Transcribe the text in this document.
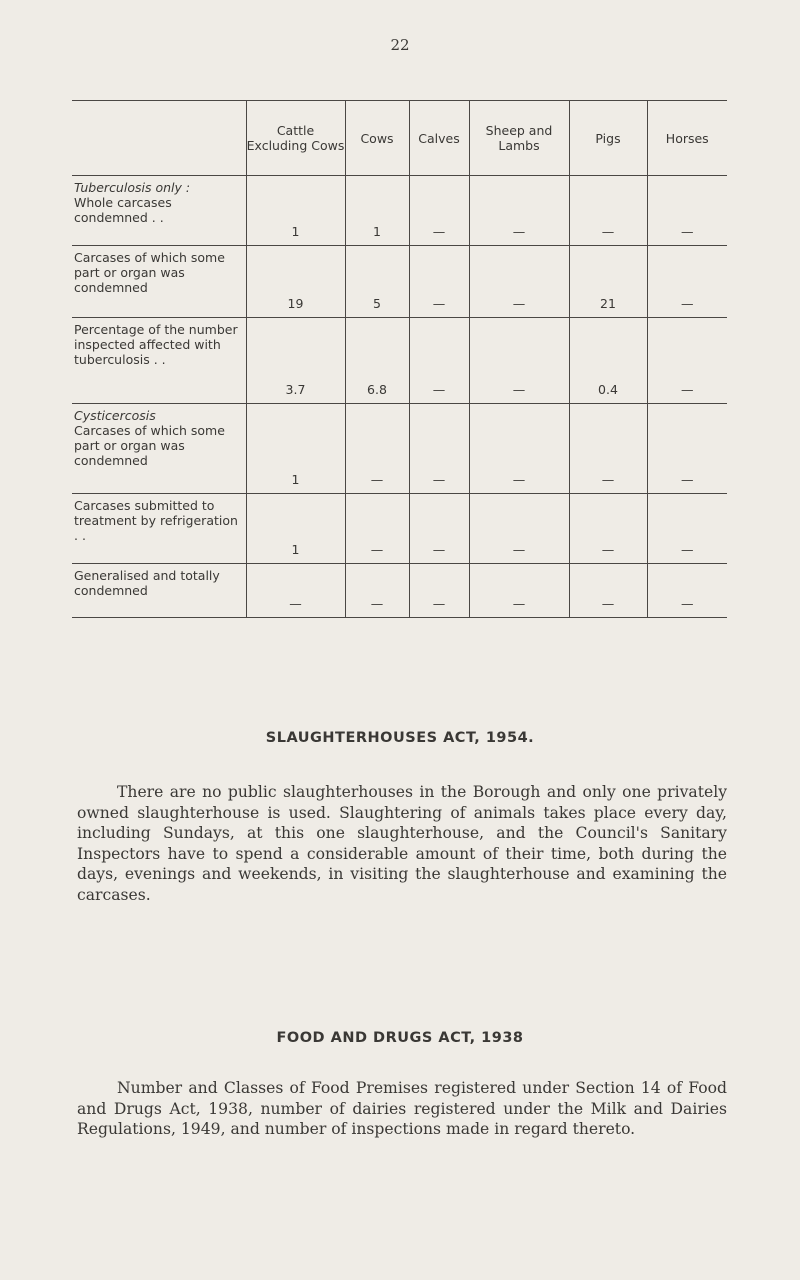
22
	Cattle Excluding Cows	Cows	Calves	Sheep and Lambs	Pigs	Horses
Tuberculosis only :
Whole carcases condemned . .	1	1	—	—	—	—
Carcases of which some part or organ was condemned	19	5	—	—	21	—
Percentage of the number inspected affected with tuberculosis . .	3.7	6.8	—	—	0.4	—
Cysticercosis
Carcases of which some part or organ was condemned	1	—	—	—	—	—
Carcases submitted to treatment by refrigeration . .	1	—	—	—	—	—
Generalised and totally condemned	—	—	—	—	—	—
SLAUGHTERHOUSES ACT, 1954.

There are no public slaughterhouses in the Borough and only one privately owned slaughterhouse is used. Slaughtering of animals takes place every day, including Sundays, at this one slaughterhouse, and the Council's Sanitary Inspectors have to spend a considerable amount of their time, both during the days, evenings and weekends, in visiting the slaughterhouse and examining the carcases.

FOOD AND DRUGS ACT, 1938

Number and Classes of Food Premises registered under Section 14 of Food and Drugs Act, 1938, number of dairies registered under the Milk and Dairies Regulations, 1949, and number of inspections made in regard thereto.
